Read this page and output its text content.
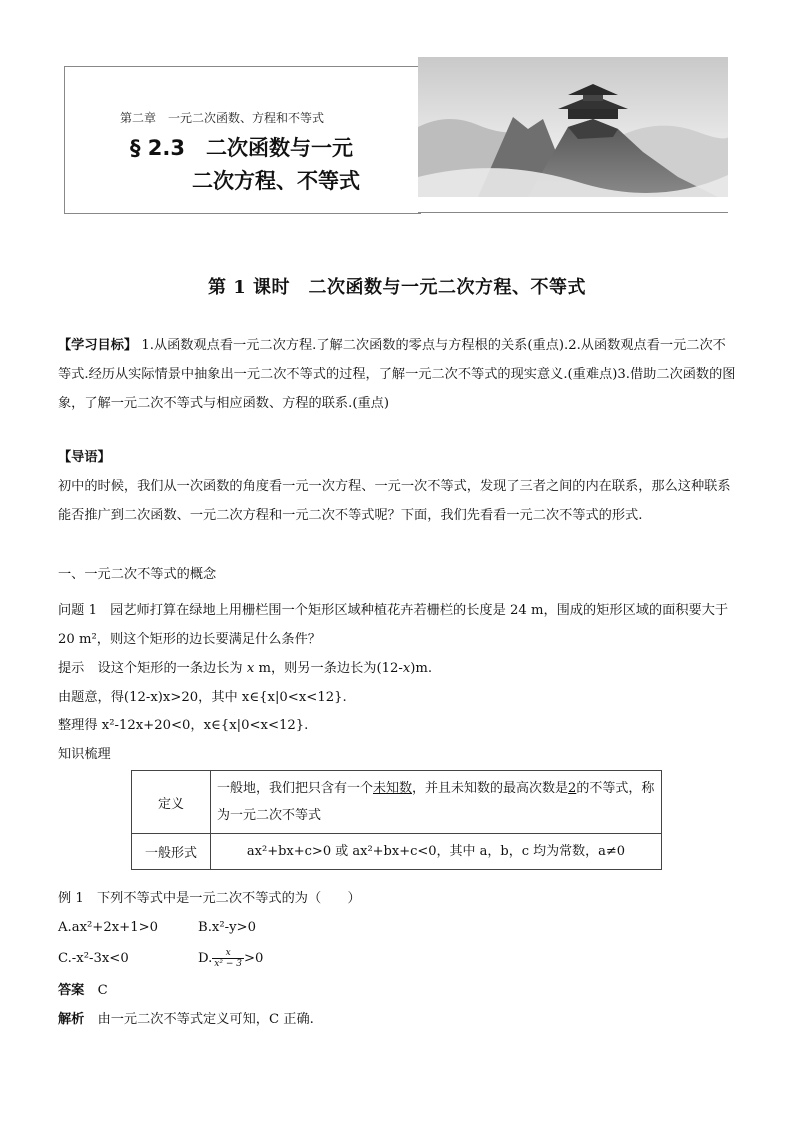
第二章　一元二次函数、方程和不等式
§ 2.3　二次函数与一元
二次方程、不等式
第 1 课时　二次函数与一元二次方程、不等式
【学习目标】 1.从函数观点看一元二次方程.了解二次函数的零点与方程根的关系(重点).2.从函数观点看一元二次不等式.经历从实际情景中抽象出一元二次不等式的过程，了解一元二次不等式的现实意义.(重难点)3.借助二次函数的图象，了解一元二次不等式与相应函数、方程的联系.(重点)
【导语】
初中的时候，我们从一次函数的角度看一元一次方程、一元一次不等式，发现了三者之间的内在联系，那么这种联系能否推广到二次函数、一元二次方程和一元二次不等式呢？下面，我们先看看一元二次不等式的形式.
一、一元二次不等式的概念
问题 1　园艺师打算在绿地上用栅栏围一个矩形区域种植花卉若栅栏的长度是 24 m，围成的矩形区域的面积要大于 20 m²，则这个矩形的边长要满足什么条件？
提示　设这个矩形的一条边长为 x m，则另一条边长为(12-x)m.
由题意，得(12-x)x>20，其中 x∈{x|0<x<12}.
整理得 x²-12x+20<0，x∈{x|0<x<12}.
知识梳理
定义	一般地，我们把只含有一个未知数，并且未知数的最高次数是2的不等式，称为一元二次不等式
一般形式	ax²+bx+c>0 或 ax²+bx+c<0，其中 a，b，c 均为常数，a≠0
例 1　下列不等式中是一元二次不等式的为（　　）
A.ax²+2x+1>0	B.x²-y>0
C.-x²-3x<0	D. $\frac{x}{\text{x² − 3}} >0$
答案　 C
解析　 由一元二次不等式定义可知，C 正确.
